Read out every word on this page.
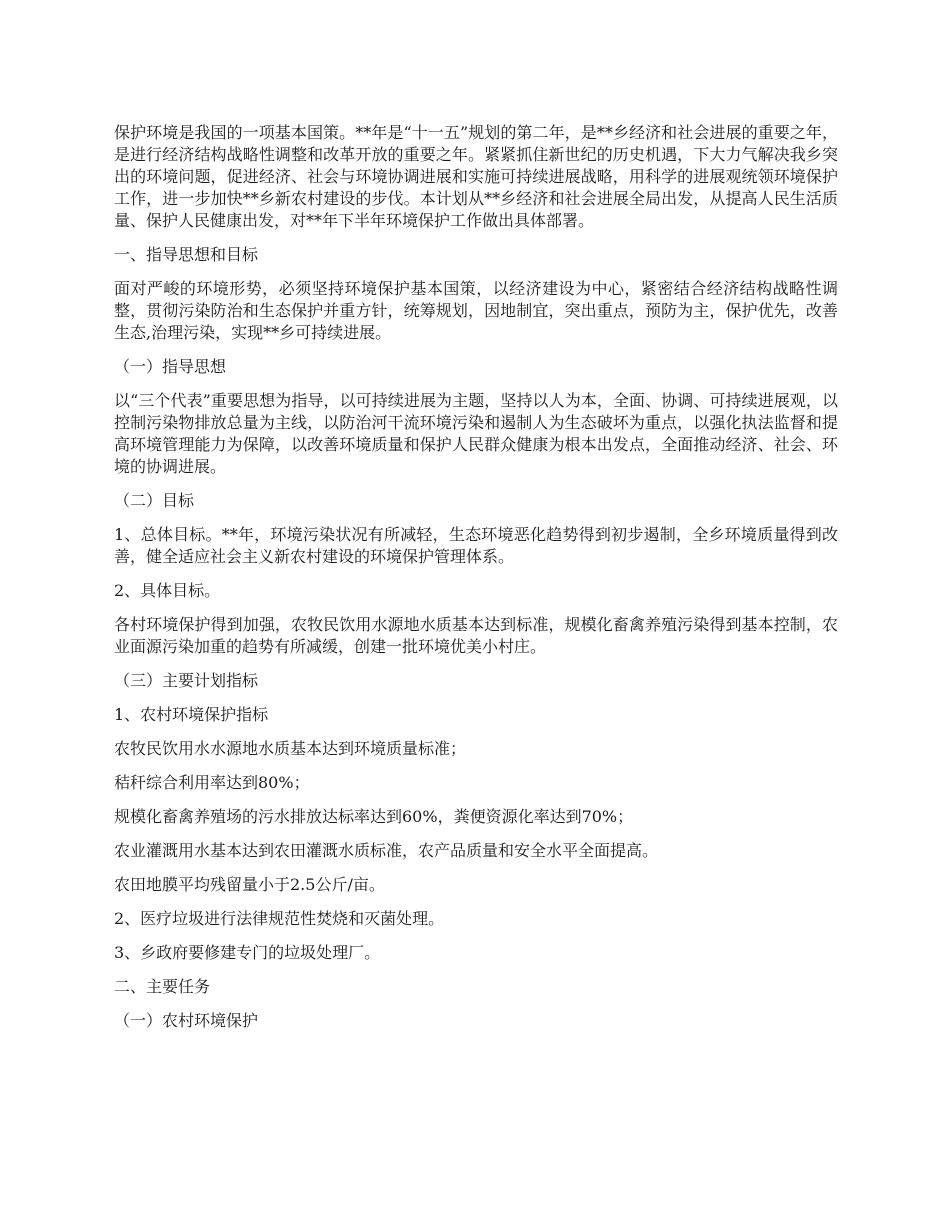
保护环境是我国的一项基本国策。**年是“十一五”规划的第二年，是**乡经济和社会进展的重要之年，是进行经济结构战略性调整和改革开放的重要之年。紧紧抓住新世纪的历史机遇，下大力气解决我乡突出的环境问题，促进经济、社会与环境协调进展和实施可持续进展战略，用科学的进展观统领环境保护工作，进一步加快**乡新农村建设的步伐。本计划从**乡经济和社会进展全局出发，从提高人民生活质量、保护人民健康出发，对**年下半年环境保护工作做出具体部署。

一、指导思想和目标

面对严峻的环境形势，必须坚持环境保护基本国策，以经济建设为中心，紧密结合经济结构战略性调整，贯彻污染防治和生态保护并重方针，统筹规划，因地制宜，突出重点，预防为主，保护优先，改善生态,治理污染，实现**乡可持续进展。

（一）指导思想

以“三个代表”重要思想为指导，以可持续进展为主题，坚持以人为本，全面、协调、可持续进展观，以控制污染物排放总量为主线，以防治河干流环境污染和遏制人为生态破坏为重点，以强化执法监督和提高环境管理能力为保障，以改善环境质量和保护人民群众健康为根本出发点，全面推动经济、社会、环境的协调进展。

（二）目标

1、总体目标。**年，环境污染状况有所减轻，生态环境恶化趋势得到初步遏制，全乡环境质量得到改善，健全适应社会主义新农村建设的环境保护管理体系。

2、具体目标。

各村环境保护得到加强，农牧民饮用水源地水质基本达到标准，规模化畜禽养殖污染得到基本控制，农业面源污染加重的趋势有所减缓，创建一批环境优美小村庄。

（三）主要计划指标

1、农村环境保护指标

农牧民饮用水水源地水质基本达到环境质量标准；

秸秆综合利用率达到80%；

规模化畜禽养殖场的污水排放达标率达到60%，粪便资源化率达到70%；

农业灌溉用水基本达到农田灌溉水质标准，农产品质量和安全水平全面提高。

农田地膜平均残留量小于2.5公斤/亩。

2、医疗垃圾进行法律规范性焚烧和灭菌处理。

3、乡政府要修建专门的垃圾处理厂。

二、主要任务

（一）农村环境保护
